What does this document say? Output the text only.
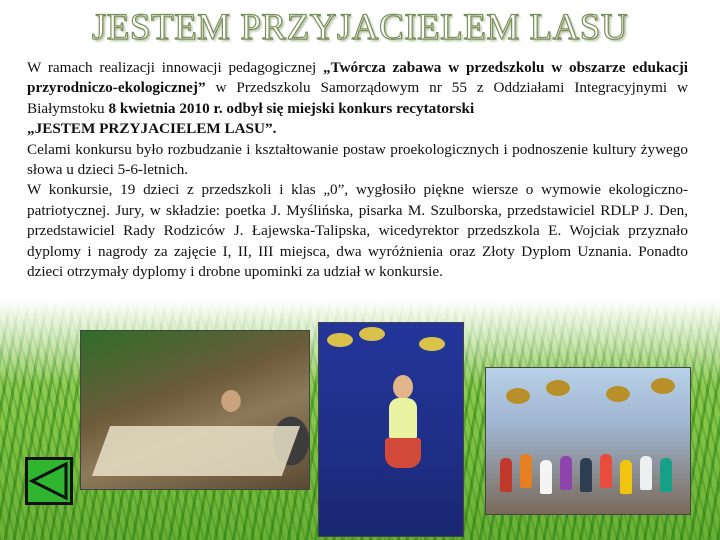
JESTEM PRZYJACIELEM LASU

W ramach realizacji innowacji pedagogicznej „Twórcza zabawa w przedszkolu w obszarze edukacji przyrodniczo-ekologicznej” w Przedszkolu Samorządowym nr 55 z Oddziałami Integracyjnymi w Białymstoku 8 kwietnia 2010 r. odbył się miejski konkurs recytatorski
„JESTEM PRZYJACIELEM LASU”.

Celami konkursu było rozbudzanie i kształtowanie postaw proekologicznych i podnoszenie kultury żywego słowa u dzieci 5-6-letnich.

W konkursie, 19 dzieci z przedszkoli i klas „0”, wygłosiło piękne wiersze o wymowie ekologiczno-patriotycznej. Jury, w składzie: poetka J. Myślińska, pisarka M. Szulborska, przedstawiciel RDLP J. Den, przedstawiciel Rady Rodziców J. Łajewska-Talipska, wicedyrektor przedszkola E. Wojciak przyznało dyplomy i nagrody za zajęcie I, II, III miejsca, dwa wyróżnienia oraz Złoty Dyplom Uznania. Ponadto dzieci otrzymały dyplomy i drobne upominki za udział w konkursie.
